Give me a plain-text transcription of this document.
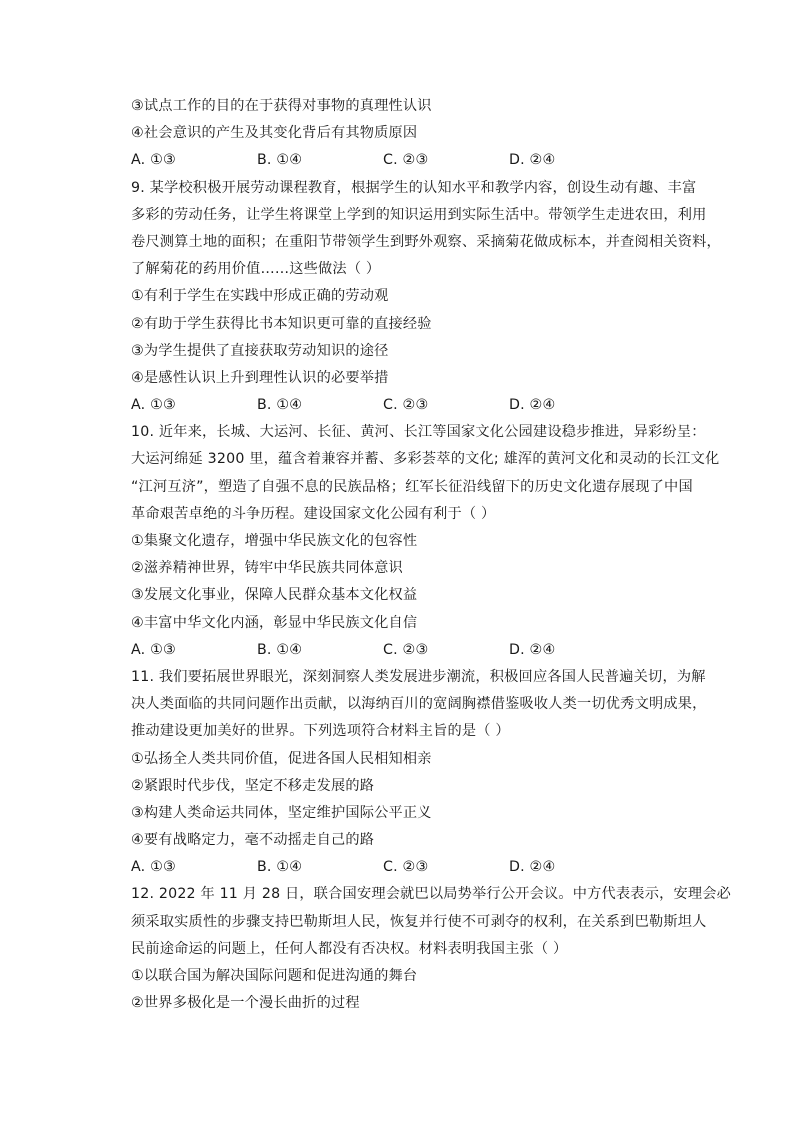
③试点工作的目的在于获得对事物的真理性认识
④社会意识的产生及其变化背后有其物质原因
A. ①③	B. ①④	C. ②③	D. ②④
9. 某学校积极开展劳动课程教育，根据学生的认知水平和教学内容，创设生动有趣、丰富
多彩的劳动任务，让学生将课堂上学到的知识运用到实际生活中。带领学生走进农田，利用
卷尺测算土地的面积；在重阳节带领学生到野外观察、采摘菊花做成标本，并查阅相关资料，
了解菊花的药用价值……这些做法（ ）
①有利于学生在实践中形成正确的劳动观
②有助于学生获得比书本知识更可靠的直接经验
③为学生提供了直接获取劳动知识的途径
④是感性认识上升到理性认识的必要举措
A. ①③	B. ①④	C. ②③	D. ②④
10. 近年来，长城、大运河、长征、黄河、长江等国家文化公园建设稳步推进，异彩纷呈：
大运河绵延 3200 里，蕴含着兼容并蓄、多彩荟萃的文化; 雄浑的黄河文化和灵动的长江文化
“江河互济”，塑造了自强不息的民族品格；红军长征沿线留下的历史文化遗存展现了中国
革命艰苦卓绝的斗争历程。建设国家文化公园有利于（ ）
①集聚文化遗存，增强中华民族文化的包容性
②滋养精神世界，铸牢中华民族共同体意识
③发展文化事业，保障人民群众基本文化权益
④丰富中华文化内涵，彰显中华民族文化自信
A. ①③	B. ①④	C. ②③	D. ②④
11. 我们要拓展世界眼光，深刻洞察人类发展进步潮流，积极回应各国人民普遍关切，为解
决人类面临的共同问题作出贡献，以海纳百川的宽阔胸襟借鉴吸收人类一切优秀文明成果，
推动建设更加美好的世界。下列选项符合材料主旨的是（ ）
①弘扬全人类共同价值，促进各国人民相知相亲
②紧跟时代步伐，坚定不移走发展的路
③构建人类命运共同体，坚定维护国际公平正义
④要有战略定力，毫不动摇走自己的路
A. ①③	B. ①④	C. ②③	D. ②④
12. 2022 年 11 月 28 日，联合国安理会就巴以局势举行公开会议。中方代表表示，安理会必
须采取实质性的步骤支持巴勒斯坦人民，恢复并行使不可剥夺的权利，在关系到巴勒斯坦人
民前途命运的问题上，任何人都没有否决权。材料表明我国主张（ ）
①以联合国为解决国际问题和促进沟通的舞台
②世界多极化是一个漫长曲折的过程
